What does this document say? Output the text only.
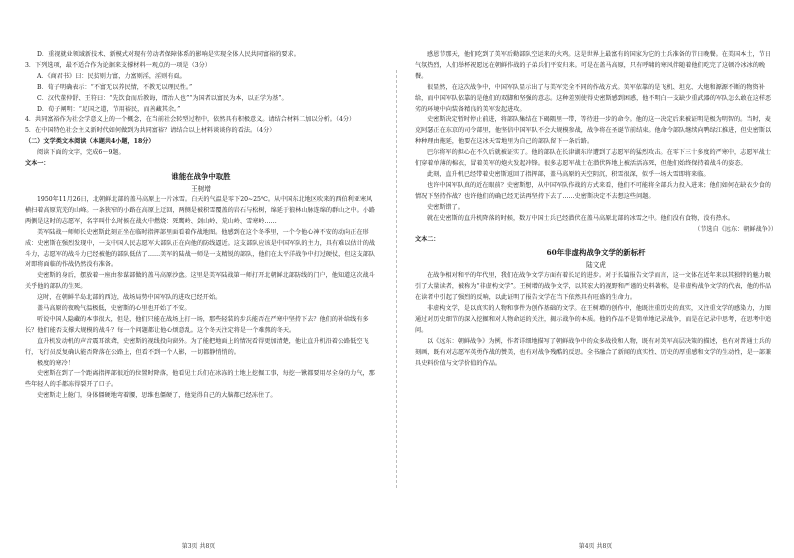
D．重视就业领域新技术、新模式对现有劳动者保障体系的影响是实现全体人民共同富裕的要求。

3．下列选项，最不适合作为论据来支撑材料一观点的一项是（3分）

A．《商君书》曰：民贫则力富，力富则淫，淫则有虱。

B．荀子明确表示：“不富无以养民情，不教无以理民性。”

C．汉代董仲舒、王符曰：“先饮食而后教诲，谓治人也”“为国者以富民为本，以正学为基”。

D．荀子阐明：“足国之道，节用裕民，而善藏其余。”

4．共同富裕作为社会学意义上的一个概念，在当前社会转型过程中，依然具有积极意义。请结合材料二加以分析。（4分）

5．在中国特色社会主义新时代如何做到为共同富裕？请结合以上材料谈谈你的看法。（4分）

（二）文学类文本阅读（本题共4小题，18分）

阅读下面的文字，完成6～9题。

文本一：

谁能在战争中取胜

王树增

1950年11月26日，北朝鲜北部的盖马高原上一片冰雪。白天的气温是零下20~25℃。从中国东北地区吹来的西伯利亚寒风横扫着高原荒芜的山峰。一条狭窄的小路在高原上迂回，两侧是被积雪覆盖的岩石与松树，绵延于狼林山脉连绵的群山之中。小路两侧是这时的志愿军，名字叫什么时候在战火中燃烧：死鹰岭、剑山岭、荒山岭、雪寒岭……

美军陆战一师师长史密斯此刻正坐在临时指挥部里面看着作战地图。他感到在这个冬季里，一个令他心神不安的动向正在形成：史密斯在强烈发现中，一支中国人民志愿军大部队正在向他的防线逼近。这支部队应该是中国军队的主力，具有难以估计的战斗力，志愿军的战斗力已经被他的部队低估了……美军的陆战一师是一支精锐的部队，他们在太平洋战争中打过硬仗，但这支部队对即将面临的作战仍然没有准备。

史密斯的身后，摆放着一座由参谋部做的盖马高原沙盘。这里是美军陆战第一师打开北朝鲜北部防线的门户，他知道这次战斗关乎他的部队的生死。

这时，在朝鲜半岛北部的西边，战场局势中国军队的进攻已经开始。

盖马高原的夜晚气温极低，史密斯的心里也开始了不安。

听说中国人隐藏的本事很大，但是，他们只能在战场上打一场，那些轻装的步兵能否在严寒中坚持下去？他们的补给线有多长？他们能否支撑大规模的战斗？每一个问题都让他心烦意乱。这个冬天注定将是一个难熬的冬天。

直升机发动机的声音震耳欲聋，史密斯的视线投向窗外。为了能把地面上的情况看得更加清楚，他让直升机沿着公路低空飞行，飞行员反复确认能否降落在公路上，但看不到一个人影，一切都静悄悄的。

极度的寒冷！

史密斯在到了一个距离指挥部很近的位置时降落，他看见士兵们在冰冻的土地上挖掘工事，每挖一锹都要用尽全身的力气，那些年轻人的手都冻得裂开了口子。

史密斯走上舱门，身体僵硬地弯着腰，思维也僵硬了，他觉得自己的大脑都已经冻住了。

第3页 共8页

感恩节那天，他们吃到了美军后勤部队空运来的火鸡。这是世界上最富有的国家为它的士兵准备的节日晚餐。在美国本土，节日气氛热烈，人们举杯祝愿远在朝鲜作战的子弟兵们平安归来。可是在盖马高原，只有呼啸的寒风伴随着他们吃完了这顿冷冰冰的晚餐。

很显然，在这次战争中，中国军队显示出了与美军完全不同的作战方式。美军依靠的是飞机、坦克、大炮和源源不断的物资补给，而中国军队依靠的是他们的双脚和坚强的意志。这种差别使得史密斯感到困惑，他不明白一支缺少重武器的军队怎么敢在这样恶劣的环境中向装备精良的美军发起进攻。

史密斯决定暂时停止前进，将部队集结在下碣隅里一带，等待进一步的命令。他的这一决定后来被证明是极为明智的。当时，麦克阿瑟正在东京的司令部里，他坚信中国军队不会大规模参战，战争将在圣诞节前结束。他命令部队继续向鸭绿江推进，但史密斯以种种理由拖延，他要在这冰天雪地里为自己的部队留下一条后路。

巴尔将军的担心在不久后就被证实了。他的部队在长津湖东岸遭到了志愿军的猛烈攻击。在零下三十多度的严寒中，志愿军战士们穿着单薄的棉衣，冒着美军的炮火发起冲锋。很多志愿军战士在潜伏阵地上被活活冻死，但他们始终保持着战斗的姿态。

此刻，直升机已经带着史密斯返回了指挥部，盖马高原的天空阴沉，积雪很深，似乎一场大雪即将来临。

也许中国军队真的近在眼前？史密斯想，从中国军队作战的方式来看，他们不可能将全部兵力投入进来；他们如何在缺衣少食的情况下坚持作战？也许他们的确已经无法再坚持下去了……史密斯决定不去想这些问题。

史密斯错了。

就在史密斯的直升机降落的时候，数万中国士兵已经潜伏在盖马高原北部的冰雪之中。他们没有食物，没有热水。

（节选自《远东：朝鲜战争》）

文本二：

60年非虚构战争文学的新标杆

陆文虎

在战争相对和平的年代里，我们在战争文学方面有着长足的进步。对于长篇报告文学而言，这一文体在近年来以其独特的魅力吸引了大量读者，被称为“非虚构文学”。王树增的战争文学，以其宏大的视野和严谨的史料著称，是非虚构战争文学的代表，他的作品在读者中引起了强烈的反响，以此证明了报告文学在当下依然具有旺盛的生命力。

非虚构文学，是以真实的人物和事件为创作基础的文学。在王树增的创作中，他既注重历史的真实，又注重文学的感染力，力图通过对历史细节的深入挖掘和对人物命运的关注，揭示战争的本质。他的作品不是简单地记录战争，而是在记录中思考，在思考中追问。

以《远东：朝鲜战争》为例，作者详细地描写了朝鲜战争中的众多战役和人物，既有对美军高层决策的描述，也有对普通士兵的刻画，既有对志愿军英勇作战的赞美，也有对战争残酷的反思。全书融合了新闻的真实性、历史的厚重感和文学的生动性，是一部兼具史料价值与文学价值的作品。

第4页 共8页
